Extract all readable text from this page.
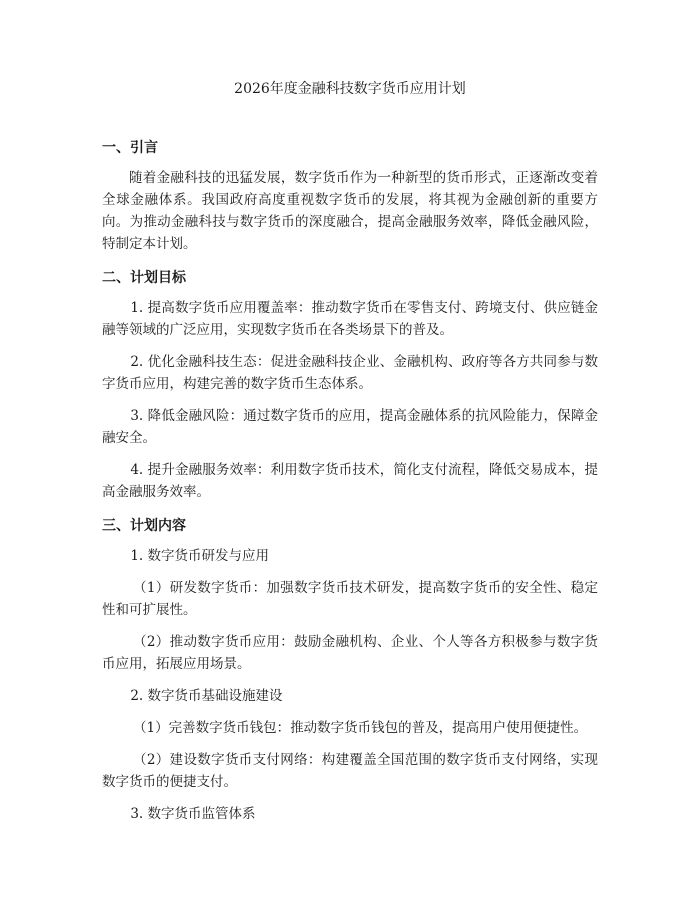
2026年度金融科技数字货币应用计划
一、引言

随着金融科技的迅猛发展，数字货币作为一种新型的货币形式，正逐渐改变着全球金融体系。我国政府高度重视数字货币的发展，将其视为金融创新的重要方向。为推动金融科技与数字货币的深度融合，提高金融服务效率，降低金融风险，特制定本计划。

二、计划目标

1. 提高数字货币应用覆盖率：推动数字货币在零售支付、跨境支付、供应链金融等领域的广泛应用，实现数字货币在各类场景下的普及。

2. 优化金融科技生态：促进金融科技企业、金融机构、政府等各方共同参与数字货币应用，构建完善的数字货币生态体系。

3. 降低金融风险：通过数字货币的应用，提高金融体系的抗风险能力，保障金融安全。

4. 提升金融服务效率：利用数字货币技术，简化支付流程，降低交易成本，提高金融服务效率。

三、计划内容

1. 数字货币研发与应用

（1）研发数字货币：加强数字货币技术研发，提高数字货币的安全性、稳定性和可扩展性。

（2）推动数字货币应用：鼓励金融机构、企业、个人等各方积极参与数字货币应用，拓展应用场景。

2. 数字货币基础设施建设

（1）完善数字货币钱包：推动数字货币钱包的普及，提高用户使用便捷性。

（2）建设数字货币支付网络：构建覆盖全国范围的数字货币支付网络，实现数字货币的便捷支付。

3. 数字货币监管体系
